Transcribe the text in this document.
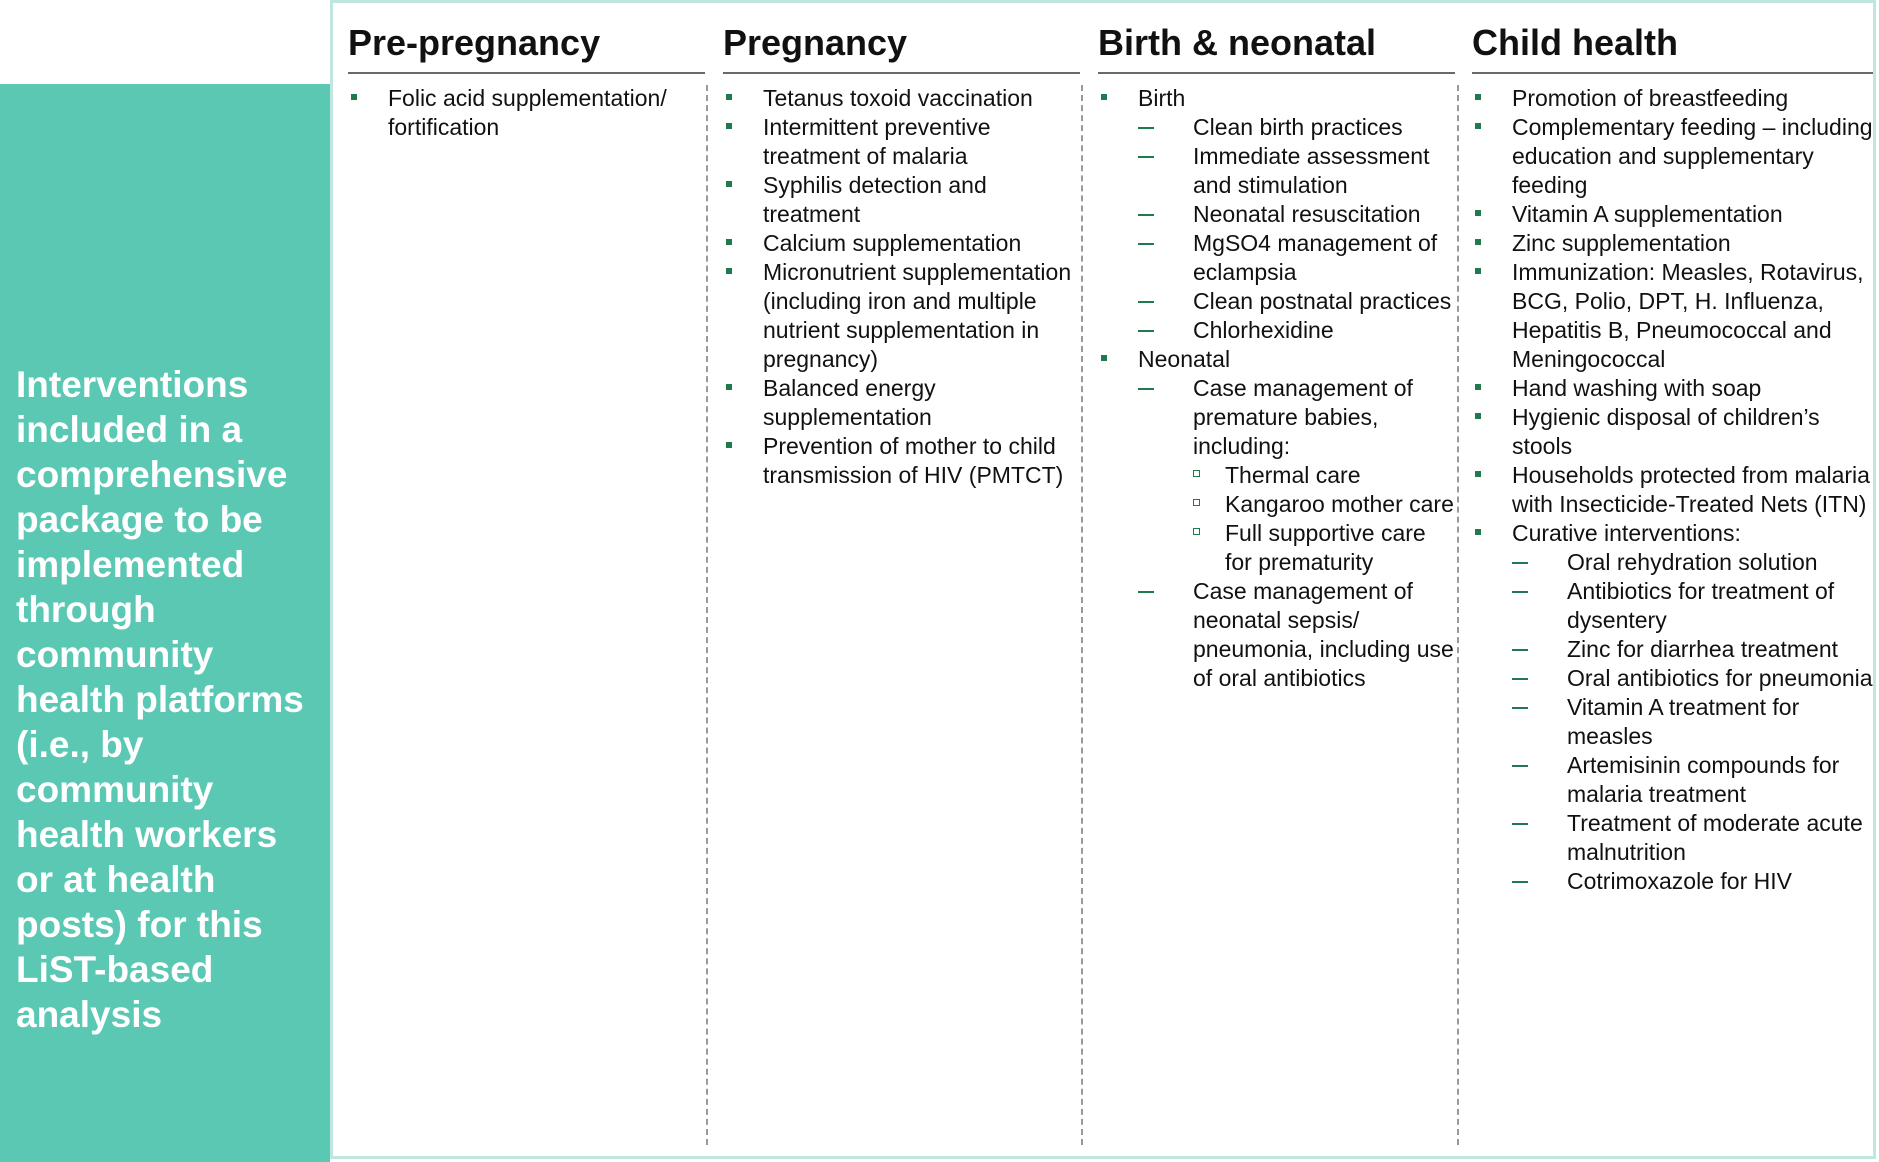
Interventions included in a comprehensive package to be implemented through community health platforms (i.e., by community health workers or at health posts) for this LiST-based analysis

Pre-pregnancy
Folic acid supplementation/ fortification
Pregnancy
Tetanus toxoid vaccination
Intermittent preventive treatment of malaria
Syphilis detection and treatment
Calcium supplementation
Micronutrient supplementation (including iron and multiple nutrient supplementation in pregnancy)
Balanced energy supplementation
Prevention of mother to child transmission of HIV (PMTCT)
Birth & neonatal
Birth
Clean birth practices
Immediate assessment and stimulation
Neonatal resuscitation
MgSO4 management of eclampsia
Clean postnatal practices
Chlorhexidine
Neonatal
Case management of premature babies, including:
Thermal care
Kangaroo mother care
Full supportive care for prematurity
Case management of neonatal sepsis/ pneumonia, including use of oral antibiotics
Child health
Promotion of breastfeeding
Complementary feeding – including education and supplementary feeding
Vitamin A supplementation
Zinc supplementation
Immunization: Measles, Rotavirus, BCG, Polio, DPT, H. Influenza, Hepatitis B, Pneumococcal and Meningococcal
Hand washing with soap
Hygienic disposal of children’s stools
Households protected from malaria with Insecticide-Treated Nets (ITN)
Curative interventions:
Oral rehydration solution
Antibiotics for treatment of dysentery
Zinc for diarrhea treatment
Oral antibiotics for pneumonia
Vitamin A treatment for measles
Artemisinin compounds for malaria treatment
Treatment of moderate acute malnutrition
Cotrimoxazole for HIV
